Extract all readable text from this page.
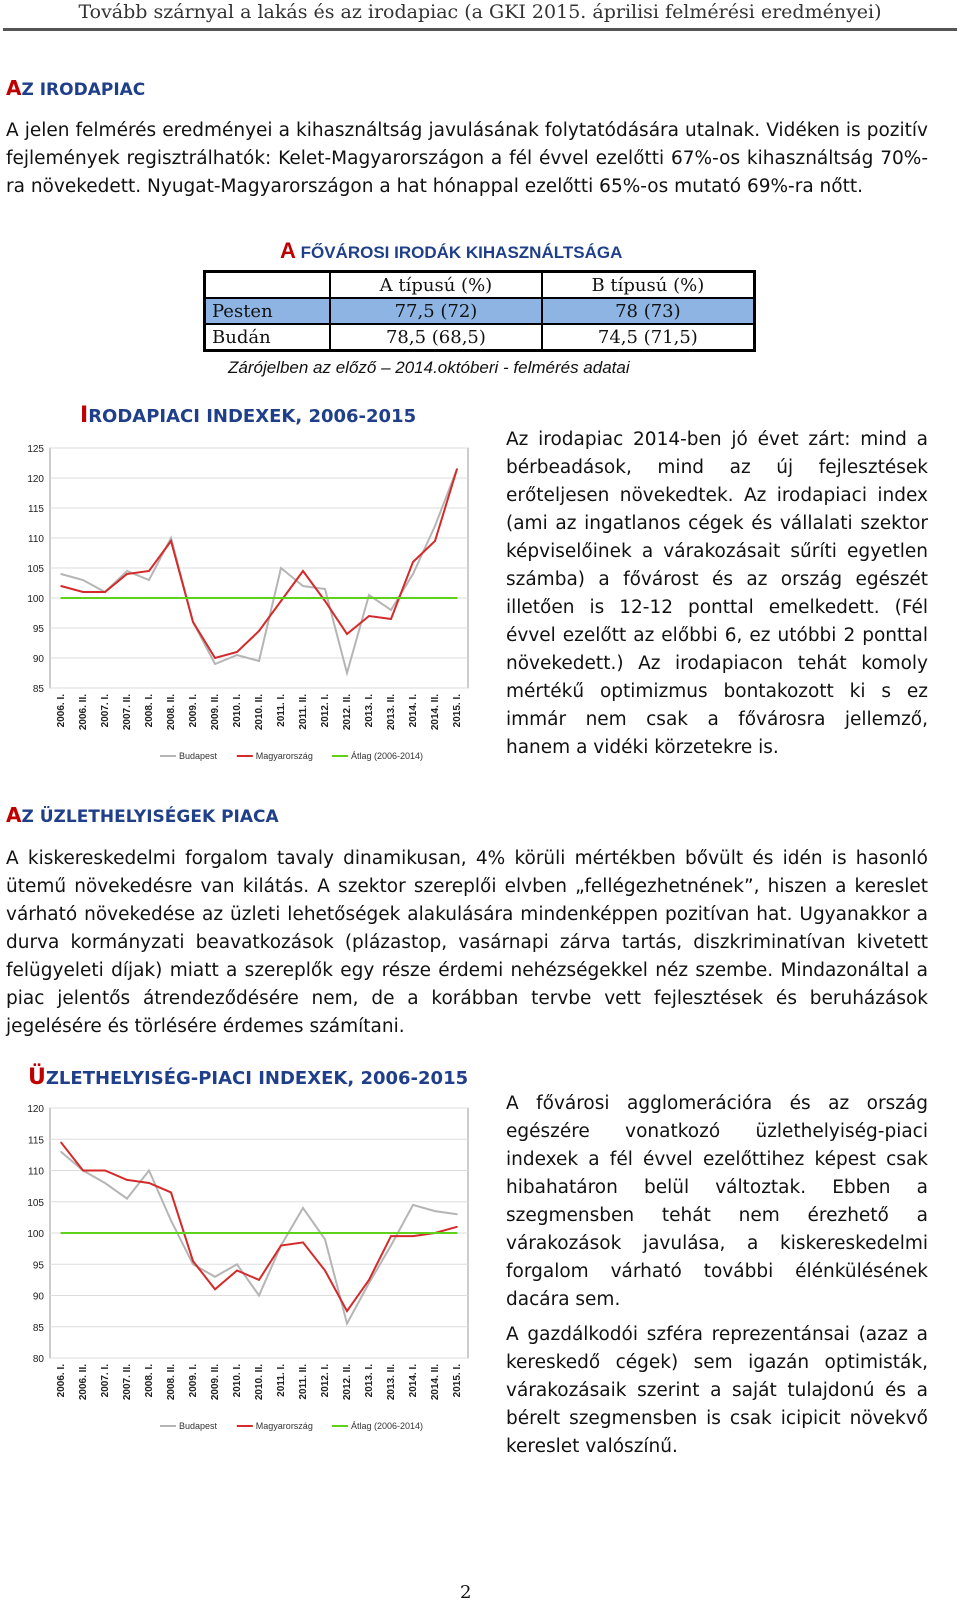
Tovább szárnyal a lakás és az irodapiac (a GKI 2015. áprilisi felmérési eredményei)
AZ IRODAPIAC
A jelen felmérés eredményei a kihasználtság javulásának folytatódására utalnak. Vidéken is pozitív fejlemények regisztrálhatók: Kelet-Magyarországon a fél évvel ezelőtti 67%-os kihasználtság 70%-ra növekedett. Nyugat-Magyarországon a hat hónappal ezelőtti 65%-os mutató 69%-ra nőtt.
A FŐVÁROSI IRODÁK KIHASZNÁLTSÁGA
	A típusú (%)	B típusú (%)
Pesten	77,5 (72)	78 (73)
Budán	78,5 (68,5)	74,5 (71,5)
Zárójelben az előző – 2014.októberi - felmérés adatai
IRODAPIACI INDEXEK, 2006-2015
125
120
115
110
105
100
95
90
85
2006. I. 2006. II. 2007. I. 2007. II. 2008. I. 2008. II. 2009. I. 2009. II. 2010. I. 2010. II. 2011. I. 2011. II. 2012. I. 2012. II. 2013. I. 2013. II. 2014. I. 2014. II. 2015. I.
Budapest	Magyarország	Átlag (2006-2014)
Az irodapiac 2014-ben jó évet zárt: mind a bérbeadások, mind az új fejlesztések erőteljesen növekedtek. Az irodapiaci index (ami az ingatlanos cégek és vállalati szektor képviselőinek a várakozásait sűríti egyetlen számba) a fővárost és az ország egészét illetően is 12-12 ponttal emelkedett. (Fél évvel ezelőtt az előbbi 6, ez utóbbi 2 ponttal növekedett.) Az irodapiacon tehát komoly mértékű optimizmus bontakozott ki s ez immár nem csak a fővárosra jellemző, hanem a vidéki körzetekre is.
AZ ÜZLETHELYISÉGEK PIACA
A kiskereskedelmi forgalom tavaly dinamikusan, 4% körüli mértékben bővült és idén is hasonló ütemű növekedésre van kilátás. A szektor szereplői elvben „fellégezhetnének”, hiszen a kereslet várható növekedése az üzleti lehetőségek alakulására mindenképpen pozitívan hat. Ugyanakkor a durva kormányzati beavatkozások (plázastop, vasárnapi zárva tartás, diszkriminatívan kivetett felügyeleti díjak) miatt a szereplők egy része érdemi nehézségekkel néz szembe. Mindazonáltal a piac jelentős átrendeződésére nem, de a korábban tervbe vett fejlesztések és beruházások jegelésére és törlésére érdemes számítani.
ÜZLETHELYISÉG-PIACI INDEXEK, 2006-2015
120
115
110
105
100
95
90
85
80
2006. I. 2006. II. 2007. I. 2007. II. 2008. I. 2008. II. 2009. I. 2009. II. 2010. I. 2010. II. 2011. I. 2011. II. 2012. I. 2012. II. 2013. I. 2013. II. 2014. I. 2014. II. 2015. I.
Budapest	Magyarország	Átlag (2006-2014)
A fővárosi agglomerációra és az ország egészére vonatkozó üzlethelyiség-piaci indexek a fél évvel ezelőttihez képest csak hibahatáron belül változtak. Ebben a szegmensben tehát nem érezhető a várakozások javulása, a kiskereskedelmi forgalom várható további élénkülésének dacára sem.
A gazdálkodói szféra reprezentánsai (azaz a kereskedő cégek) sem igazán optimisták, várakozásaik szerint a saját tulajdonú és a bérelt szegmensben is csak icipicit növekvő kereslet valószínű.
2
